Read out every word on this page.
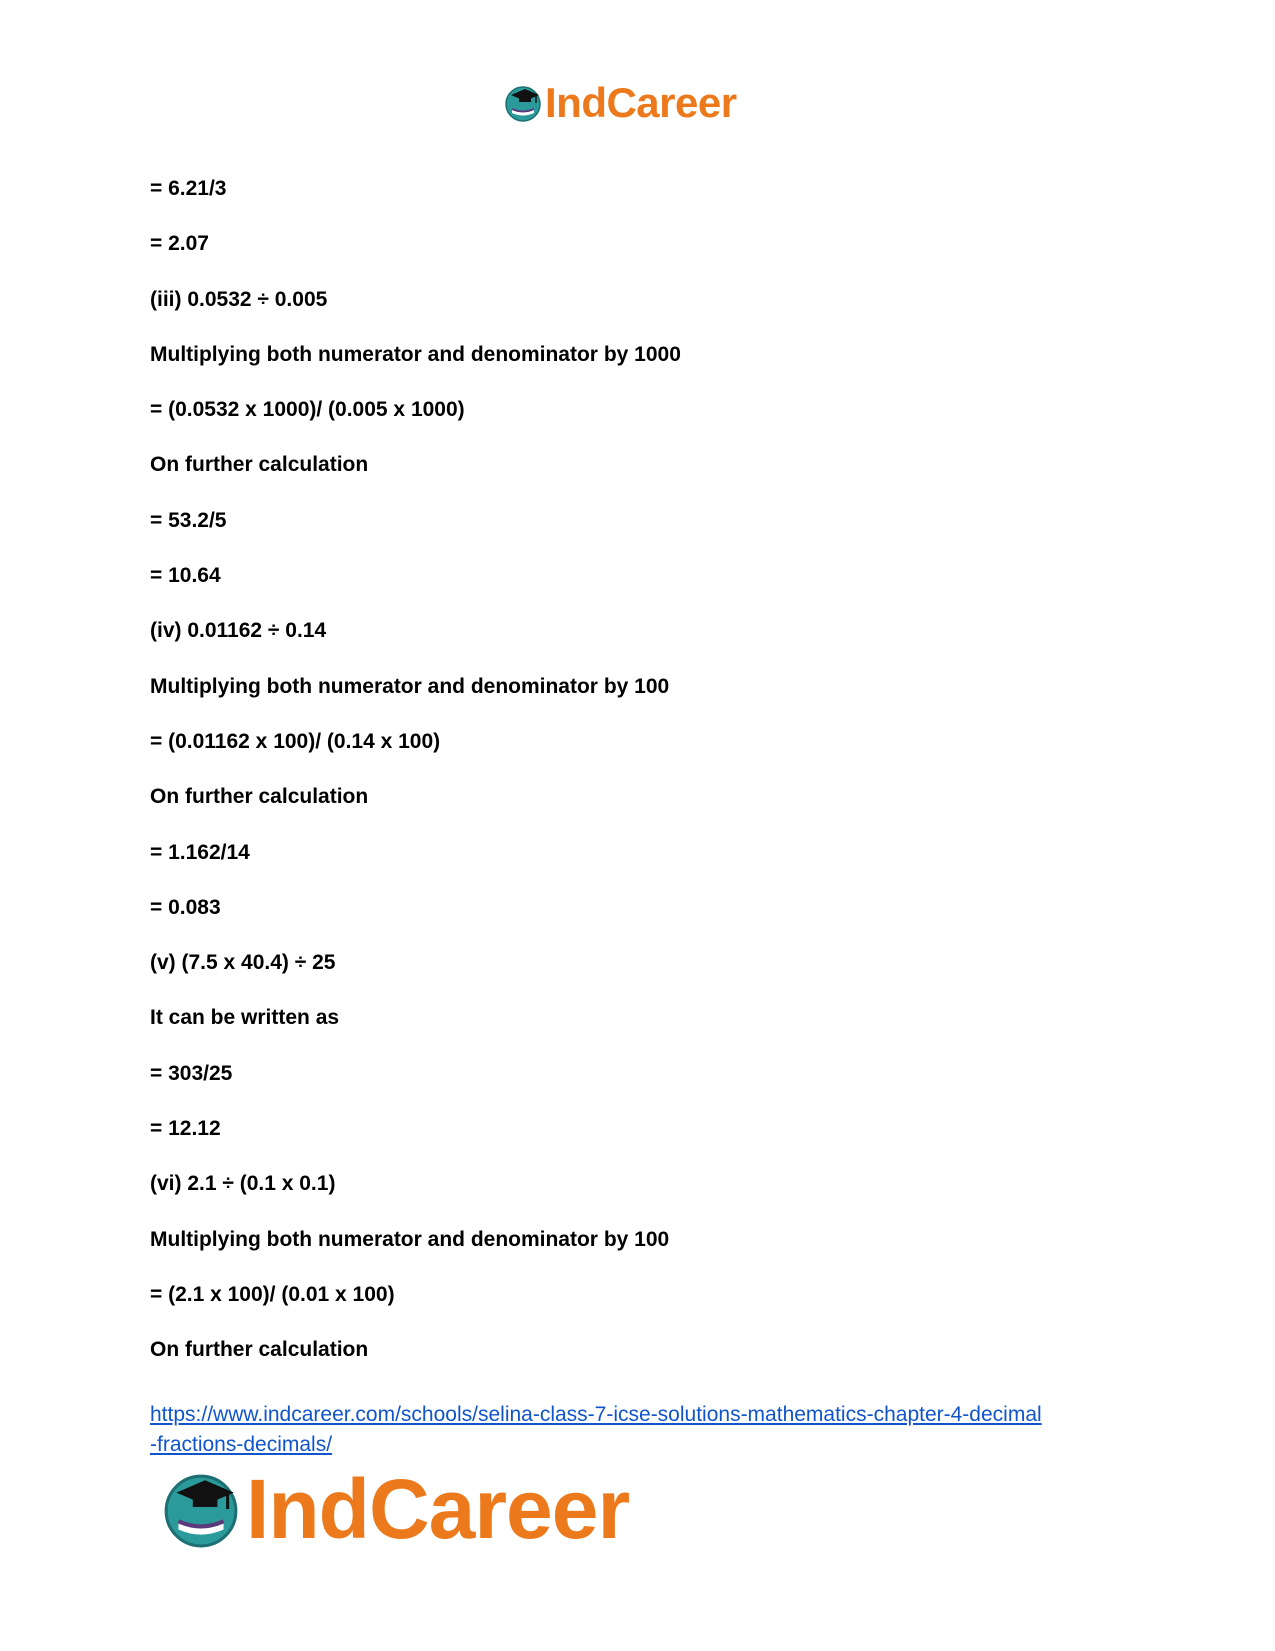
IndCareer
= 6.21/3
= 2.07
(iii) 0.0532 ÷ 0.005
Multiplying both numerator and denominator by 1000
= (0.0532 x 1000)/ (0.005 x 1000)
On further calculation
= 53.2/5
= 10.64
(iv) 0.01162 ÷ 0.14
Multiplying both numerator and denominator by 100
= (0.01162 x 100)/ (0.14 x 100)
On further calculation
= 1.162/14
= 0.083
(v) (7.5 x 40.4) ÷ 25
It can be written as
= 303/25
= 12.12
(vi) 2.1 ÷ (0.1 x 0.1)
Multiplying both numerator and denominator by 100
= (2.1 x 100)/ (0.01 x 100)
On further calculation
https://www.indcareer.com/schools/selina-class-7-icse-solutions-mathematics-chapter-4-decimal
-fractions-decimals/
IndCareer
